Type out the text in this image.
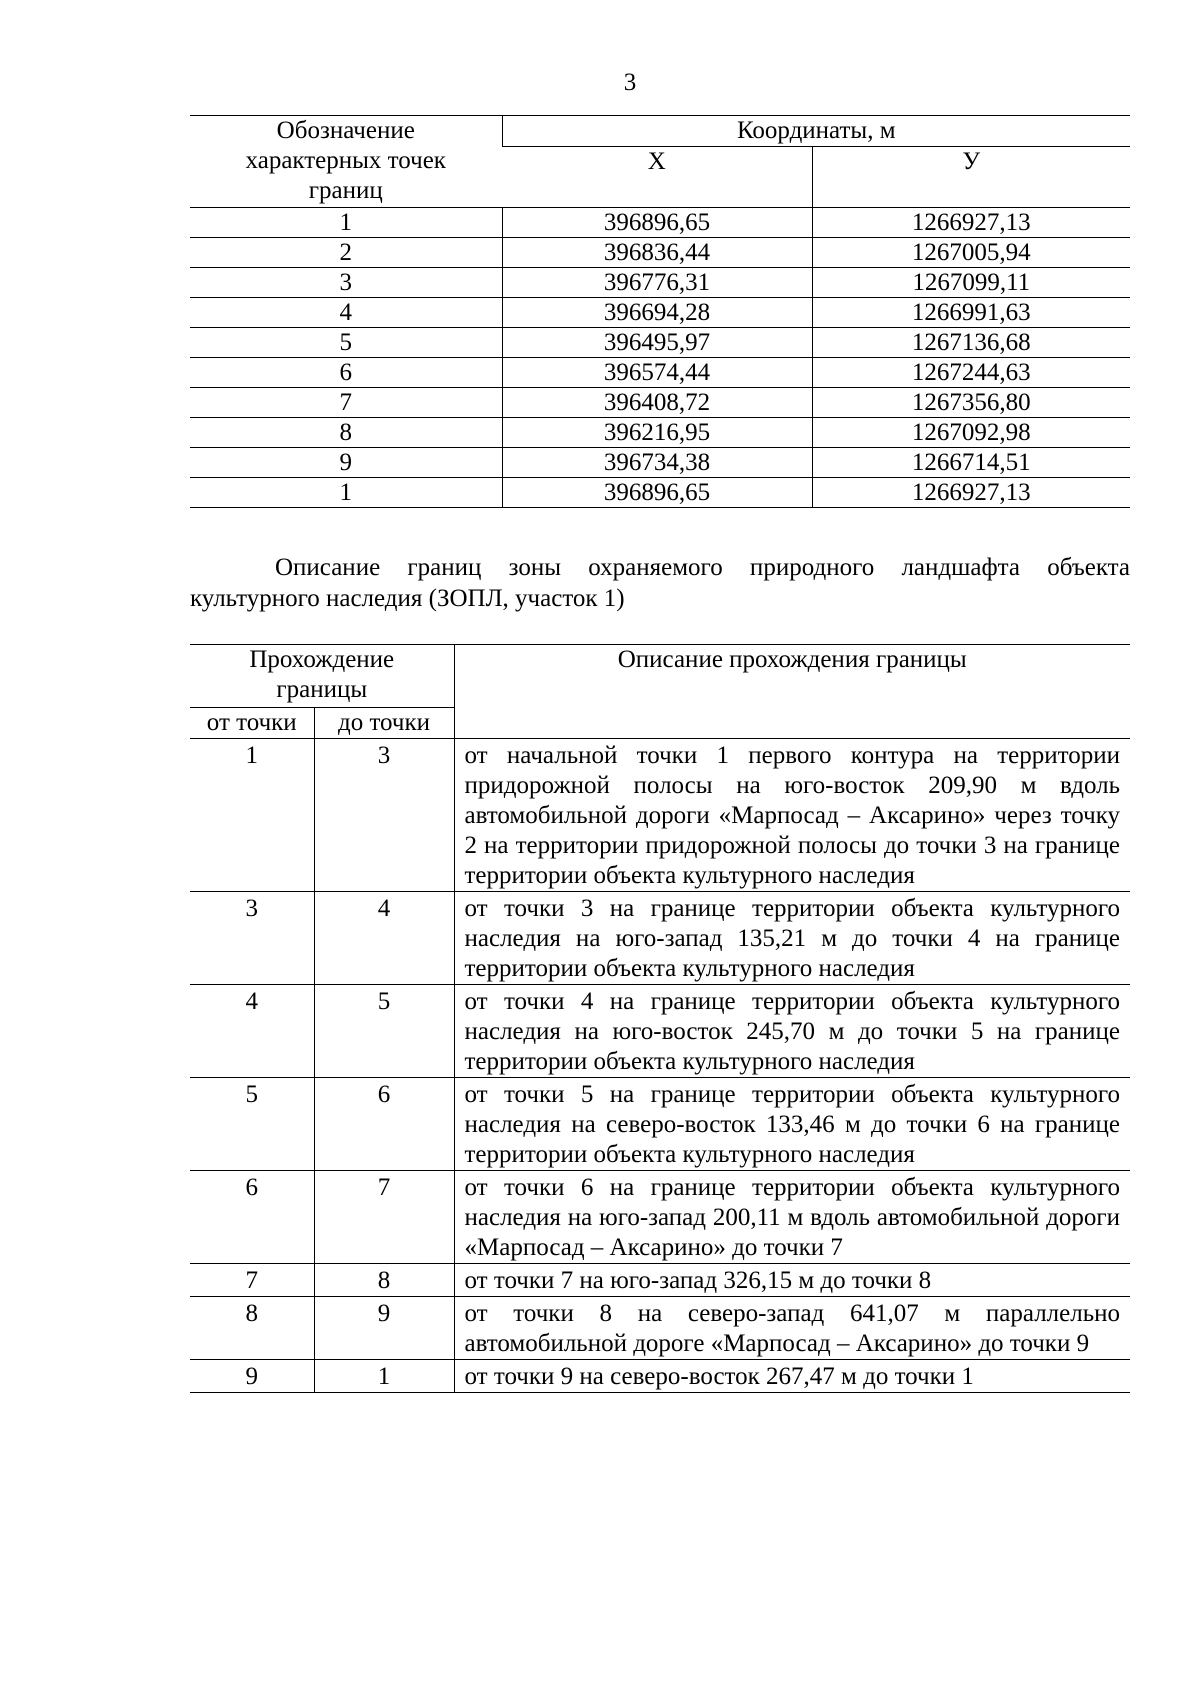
3
Обозначение характерных точек границ	Координаты, м	
	X	У
1	396896,65	1266927,13
2	396836,44	1267005,94
3	396776,31	1267099,11
4	396694,28	1266991,63
5	396495,97	1267136,68
6	396574,44	1267244,63
7	396408,72	1267356,80
8	396216,95	1267092,98
9	396734,38	1266714,51
1	396896,65	1266927,13
Описание границ зоны охраняемого природного ландшафта объекта культурного наследия (ЗОПЛ, участок 1)
Прохождение границы		Описание прохождения границы
от точки	до точки	
1	3	от начальной точки 1 первого контура на территории придорожной полосы на юго-восток 209,90 м вдоль автомобильной дороги «Марпосад – Аксарино» через точку 2 на территории придорожной полосы до точки 3 на границе территории объекта культурного наследия
3	4	от точки 3 на границе территории объекта культурного наследия на юго-запад 135,21 м до точки 4 на границе территории объекта культурного наследия
4	5	от точки 4 на границе территории объекта культурного наследия на юго-восток 245,70 м до точки 5 на границе территории объекта культурного наследия
5	6	от точки 5 на границе территории объекта культурного наследия на северо-восток 133,46 м до точки 6 на границе территории объекта культурного наследия
6	7	от точки 6 на границе территории объекта культурного наследия на юго-запад 200,11 м вдоль автомобильной дороги «Марпосад – Аксарино» до точки 7
7	8	от точки 7 на юго-запад 326,15 м до точки 8
8	9	от точки 8 на северо-запад 641,07 м параллельно автомобильной дороге «Марпосад – Аксарино» до точки 9
9	1	от точки 9 на северо-восток 267,47 м до точки 1
